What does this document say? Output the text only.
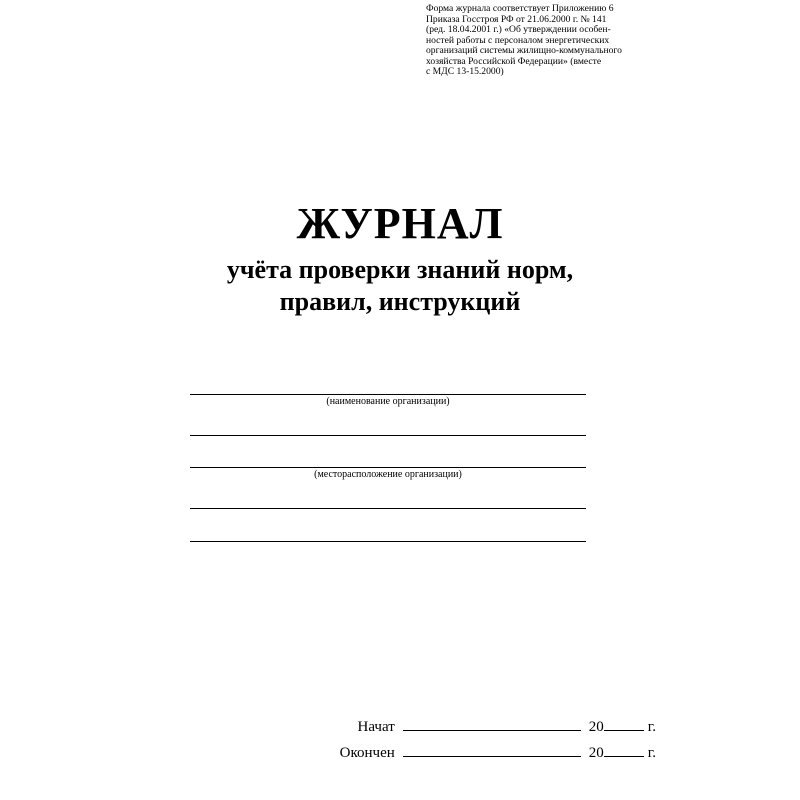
Форма журнала соответствует Приложению 6
Приказа Госстроя РФ от 21.06.2000 г. № 141
(ред. 18.04.2001 г.) «Об утверждении особен-
ностей работы с персоналом энергетических
организаций системы жилищно-коммунального
хозяйства Российской Федерации» (вместе
с МДС 13-15.2000)
ЖУРНАЛ
учёта проверки знаний норм,
правил, инструкций
(наименование организации)
(месторасположение организации)
Начат	20	г.
Окончен	20	г.
